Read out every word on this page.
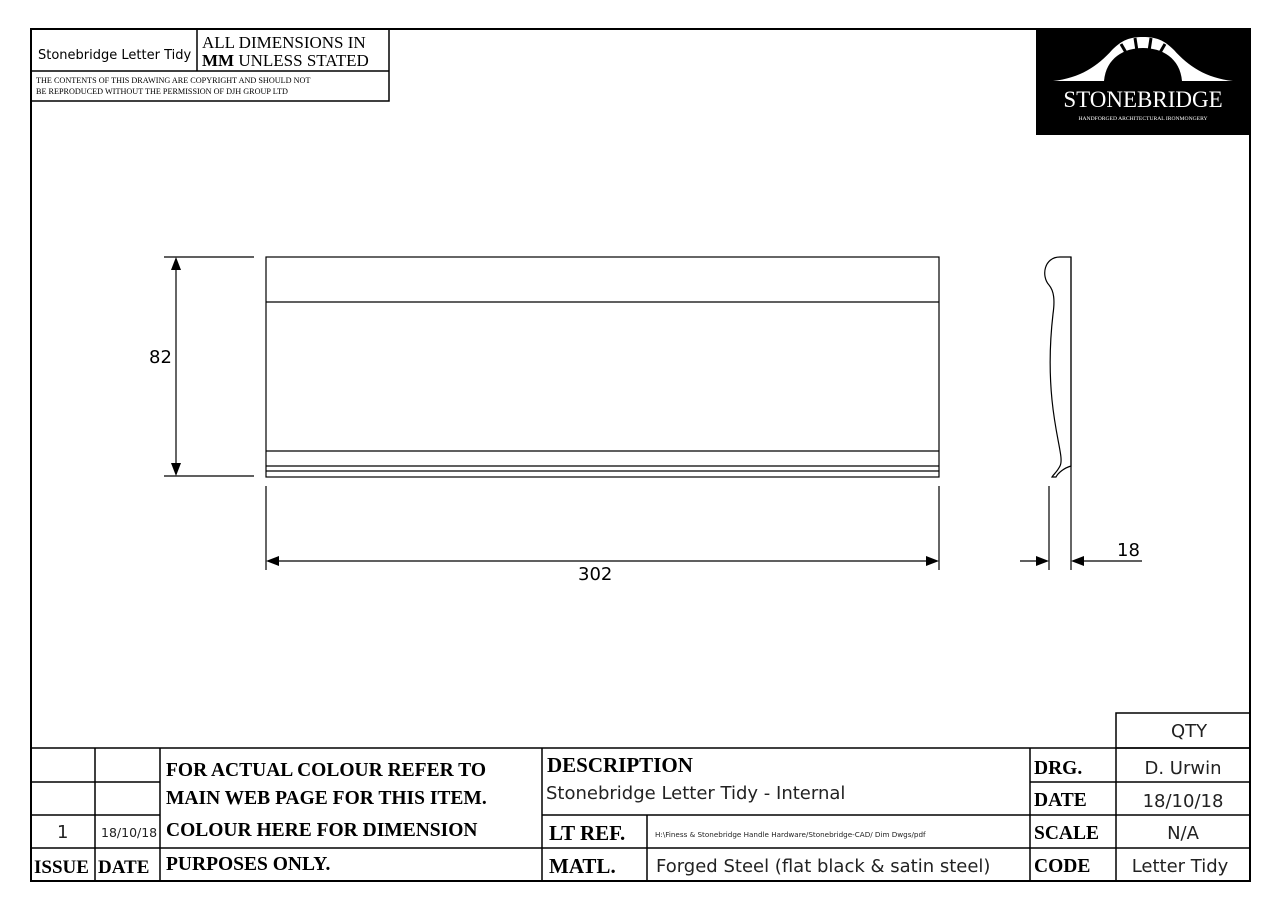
Stonebridge Letter Tidy
ALL DIMENSIONS IN
MM UNLESS STATED
THE CONTENTS OF THIS DRAWING ARE COPYRIGHT AND SHOULD NOT
BE REPRODUCED WITHOUT THE PERMISSION OF DJH GROUP LTD	STONEBRIDGE
HANDFORGED ARCHITECTURAL IRONMONGERY
82
302
18
QTY
FOR ACTUAL COLOUR REFER TO
MAIN WEB PAGE FOR THIS ITEM.
COLOUR HERE FOR DIMENSION
PURPOSES ONLY.
1	18/10/18
ISSUE DATE
DESCRIPTION
Stonebridge Letter Tidy - Internal
LT REF.	H:\Finess & Stonebridge Handle Hardware/Stonebridge-CAD/ Dim Dwgs/pdf
MATL. Forged Steel (flat black & satin steel)
DRG.	D. Urwin
DATE	18/10/18
SCALE	N/A
CODE Letter Tidy
